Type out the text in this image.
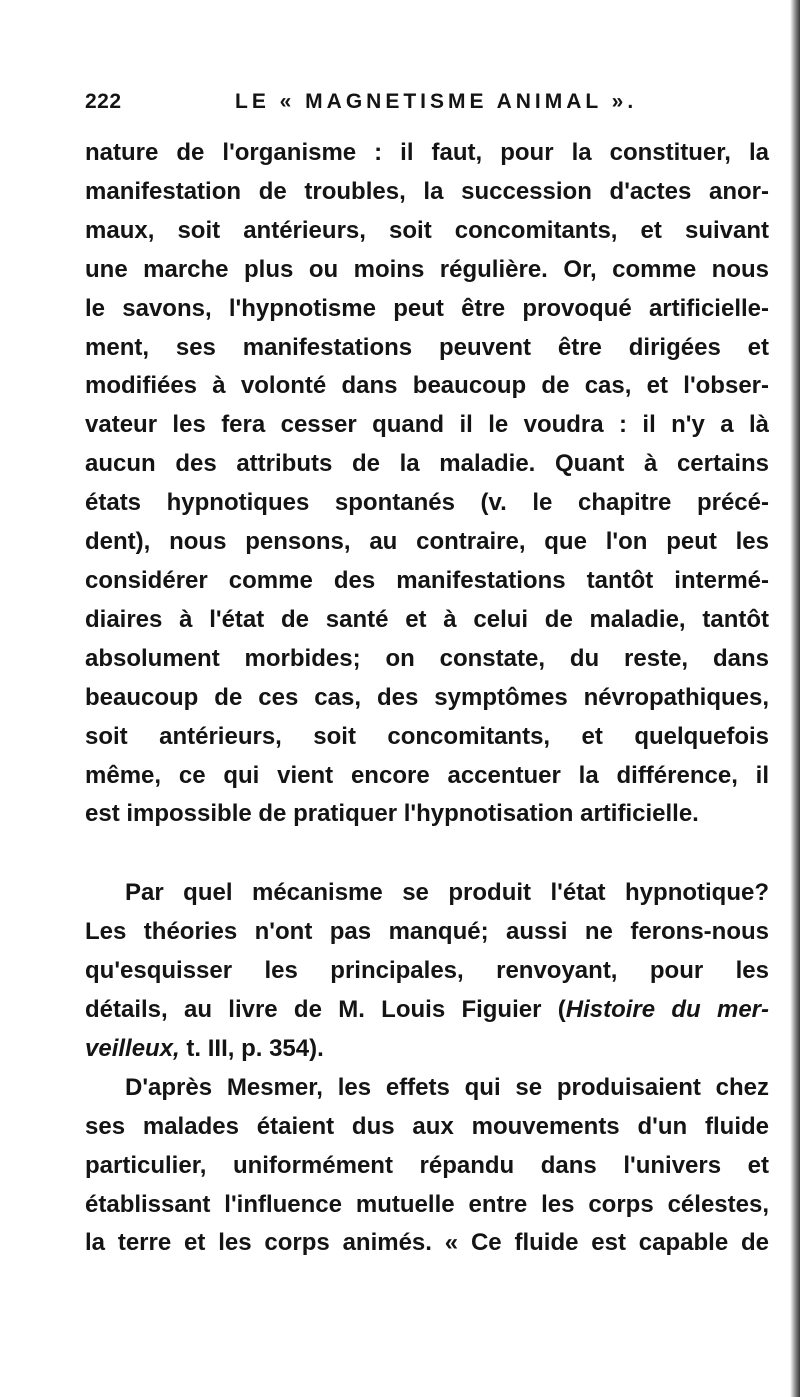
222	LE « MAGNETISME ANIMAL ».
nature de l'organisme : il faut, pour la constituer, la
manifestation de troubles, la succession d'actes anor-
maux, soit antérieurs, soit concomitants, et suivant
une marche plus ou moins régulière. Or, comme nous
le savons, l'hypnotisme peut être provoqué artificielle-
ment, ses manifestations peuvent être dirigées et
modifiées à volonté dans beaucoup de cas, et l'obser-
vateur les fera cesser quand il le voudra : il n'y a là
aucun des attributs de la maladie. Quant à certains
états hypnotiques spontanés (v. le chapitre précé-
dent), nous pensons, au contraire, que l'on peut les
considérer comme des manifestations tantôt intermé-
diaires à l'état de santé et à celui de maladie, tantôt
absolument morbides; on constate, du reste, dans
beaucoup de ces cas, des symptômes névropathiques,
soit antérieurs, soit concomitants, et quelquefois
même, ce qui vient encore accentuer la différence, il
est impossible de pratiquer l'hypnotisation artificielle.
Par quel mécanisme se produit l'état hypnotique?
Les théories n'ont pas manqué; aussi ne ferons-nous
qu'esquisser les principales, renvoyant, pour les
détails, au livre de M. Louis Figuier (Histoire du mer-
veilleux, t. III, p. 354).
D'après Mesmer, les effets qui se produisaient chez
ses malades étaient dus aux mouvements d'un fluide
particulier, uniformément répandu dans l'univers et
établissant l'influence mutuelle entre les corps célestes,
la terre et les corps animés. « Ce fluide est capable de
